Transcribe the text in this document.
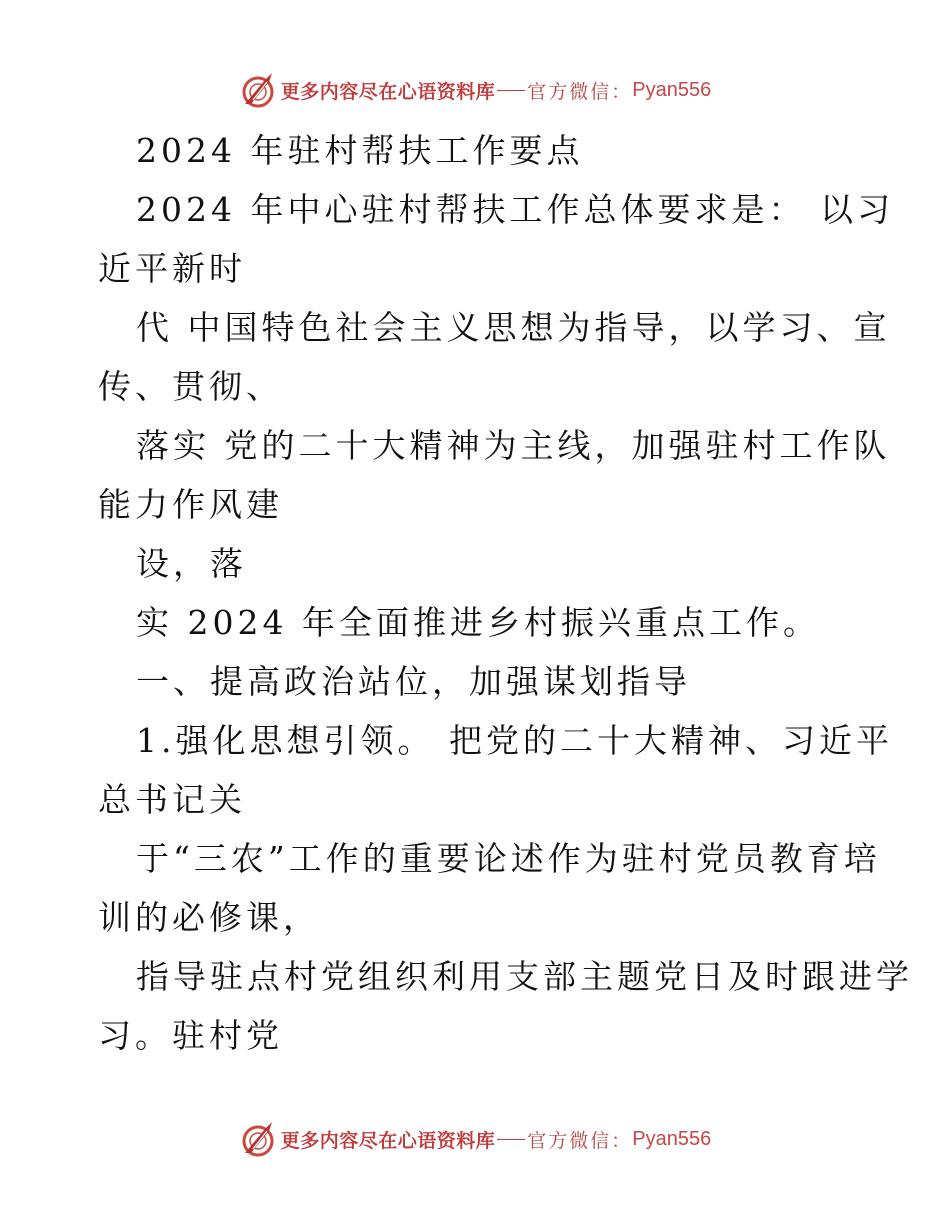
更多内容尽在心语资料库 官方微信： Pyan556
2024 年驻村帮扶工作要点
2024 年中心驻村帮扶工作总体要求是： 以习
近平新时
代 中国特色社会主义思想为指导，以学习、宣
传、贯彻、
落实 党的二十大精神为主线，加强驻村工作队
能力作风建
设，落
实 2024 年全面推进乡村振兴重点工作。
一、提高政治站位，加强谋划指导
1.强化思想引领。 把党的二十大精神、习近平
总书记关
于“三农”工作的重要论述作为驻村党员教育培
训的必修课，
指导驻点村党组织利用支部主题党日及时跟进学
习。驻村党
更多内容尽在心语资料库 官方微信： Pyan556
